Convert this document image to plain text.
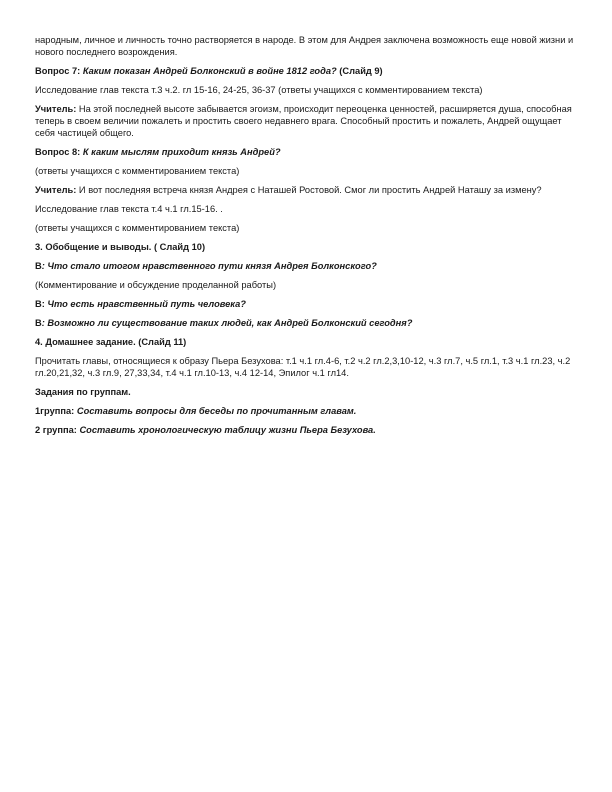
народным, личное и личность точно растворяется в народе. В этом для Андрея заключена возможность еще новой жизни и нового последнего возрождения.

Вопрос 7: Каким показан Андрей Болконский в войне 1812 года? (Слайд 9)

Исследование глав текста т.3 ч.2. гл 15-16, 24-25, 36-37 (ответы учащихся с комментированием текста)

Учитель: На этой последней высоте забывается эгоизм, происходит переоценка ценностей, расширяется душа, способная теперь в своем величии пожалеть и простить своего недавнего врага. Способный простить и пожалеть, Андрей ощущает себя частицей общего.

Вопрос 8: К каким мыслям приходит князь Андрей?

(ответы учащихся с комментированием текста)

Учитель: И вот последняя встреча князя Андрея с Наташей Ростовой. Смог ли простить Андрей Наташу за измену?

Исследование глав текста т.4 ч.1 гл.15-16. .

(ответы учащихся с комментированием текста)

3. Обобщение и выводы. ( Слайд 10)

В: Что стало итогом нравственного пути князя Андрея Болконского?

(Комментирование и обсуждение проделанной работы)

В: Что есть нравственный путь человека?

В: Возможно ли существование таких людей, как Андрей Болконский сегодня?

4. Домашнее задание. (Слайд 11)

Прочитать главы, относящиеся к образу Пьера Безухова: т.1 ч.1 гл.4-6, т.2 ч.2 гл.2,3,10-12, ч.3 гл.7, ч.5 гл.1, т.3 ч.1 гл.23, ч.2 гл.20,21,32, ч.3 гл.9, 27,33,34, т.4 ч.1 гл.10-13, ч.4 12-14, Эпилог ч.1 гл14.

Задания по группам.

1группа: Составить вопросы для беседы по прочитанным главам.

2 группа: Составить хронологическую таблицу жизни Пьера Безухова.
